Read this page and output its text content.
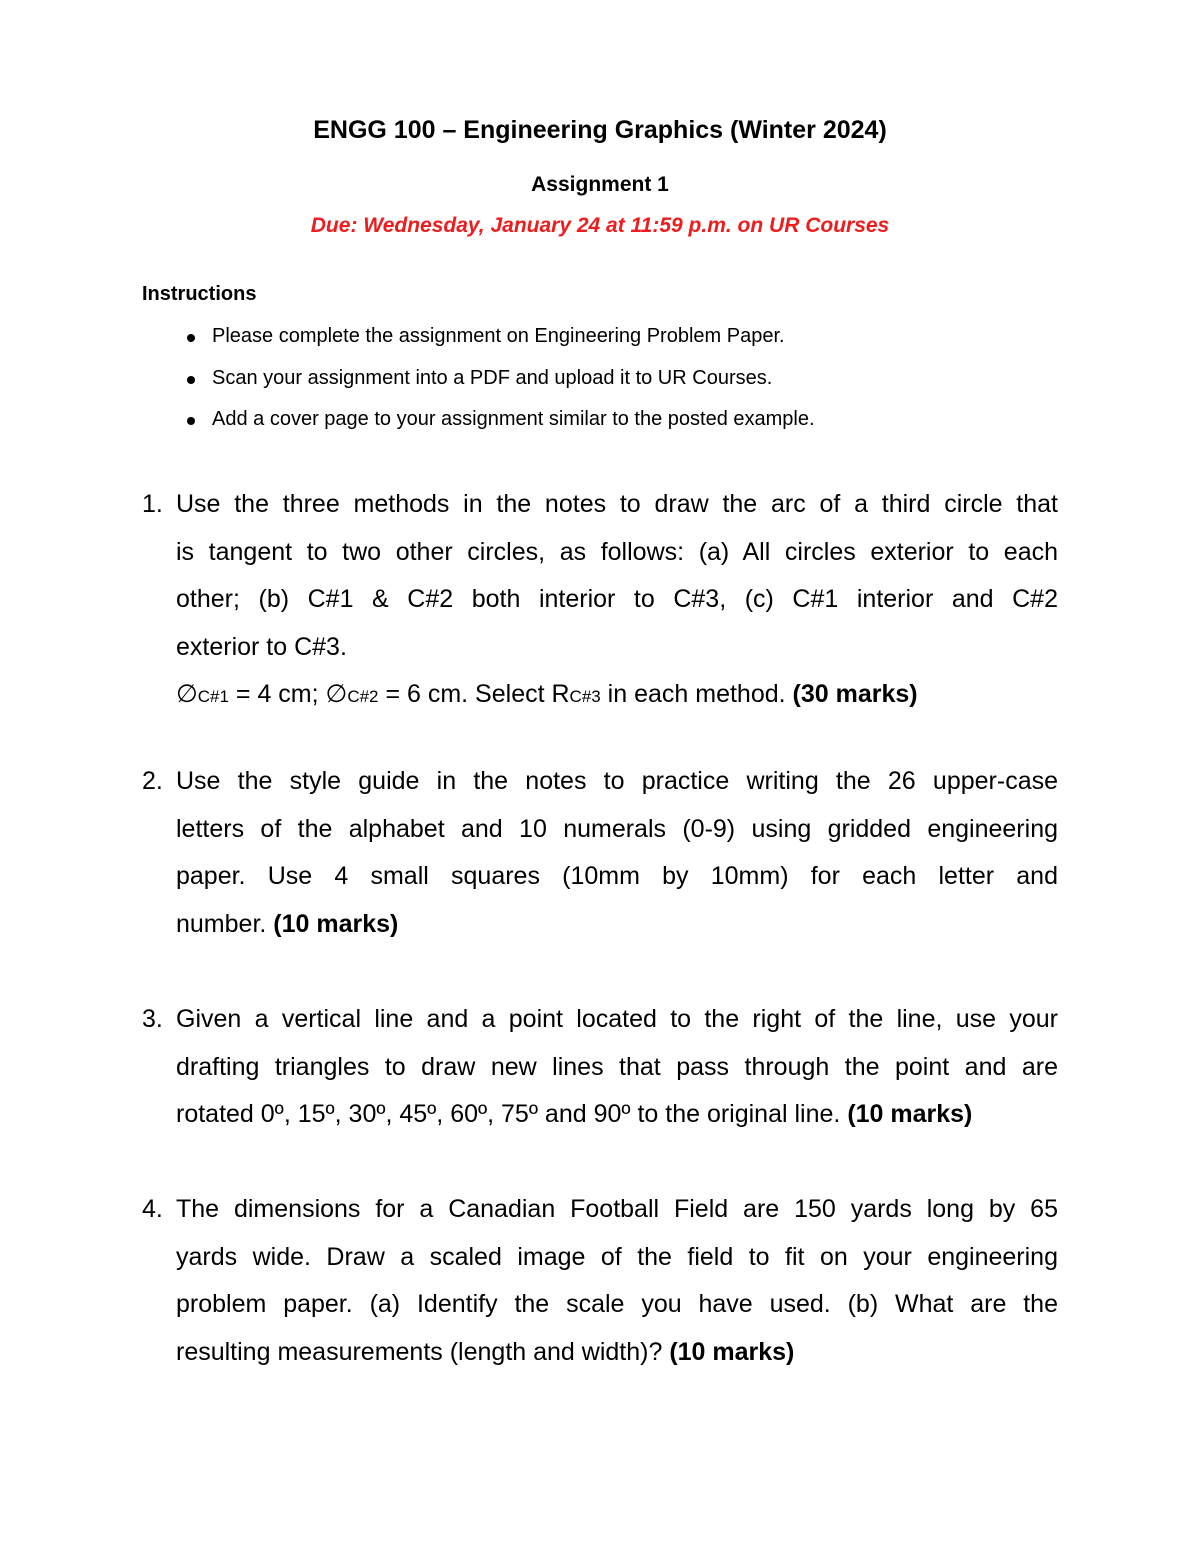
ENGG 100 – Engineering Graphics (Winter 2024)
Assignment 1
Due: Wednesday, January 24 at 11:59 p.m. on UR Courses
Instructions
Please complete the assignment on Engineering Problem Paper.
Scan your assignment into a PDF and upload it to UR Courses.
Add a cover page to your assignment similar to the posted example.
1. Use the three methods in the notes to draw the arc of a third circle that
is tangent to two other circles, as follows: (a) All circles exterior to each
other; (b) C#1 & C#2 both interior to C#3, (c) C#1 interior and C#2
exterior to C#3.
∅C#1 = 4 cm; ∅C#2 = 6 cm. Select RC#3 in each method. (30 marks)
2. Use the style guide in the notes to practice writing the 26 upper-case
letters of the alphabet and 10 numerals (0-9) using gridded engineering
paper. Use 4 small squares (10mm by 10mm) for each letter and
number. (10 marks)
3. Given a vertical line and a point located to the right of the line, use your
drafting triangles to draw new lines that pass through the point and are
rotated 0º, 15º, 30º, 45º, 60º, 75º and 90º to the original line. (10 marks)
4. The dimensions for a Canadian Football Field are 150 yards long by 65
yards wide. Draw a scaled image of the field to fit on your engineering
problem paper. (a) Identify the scale you have used. (b) What are the
resulting measurements (length and width)? (10 marks)
